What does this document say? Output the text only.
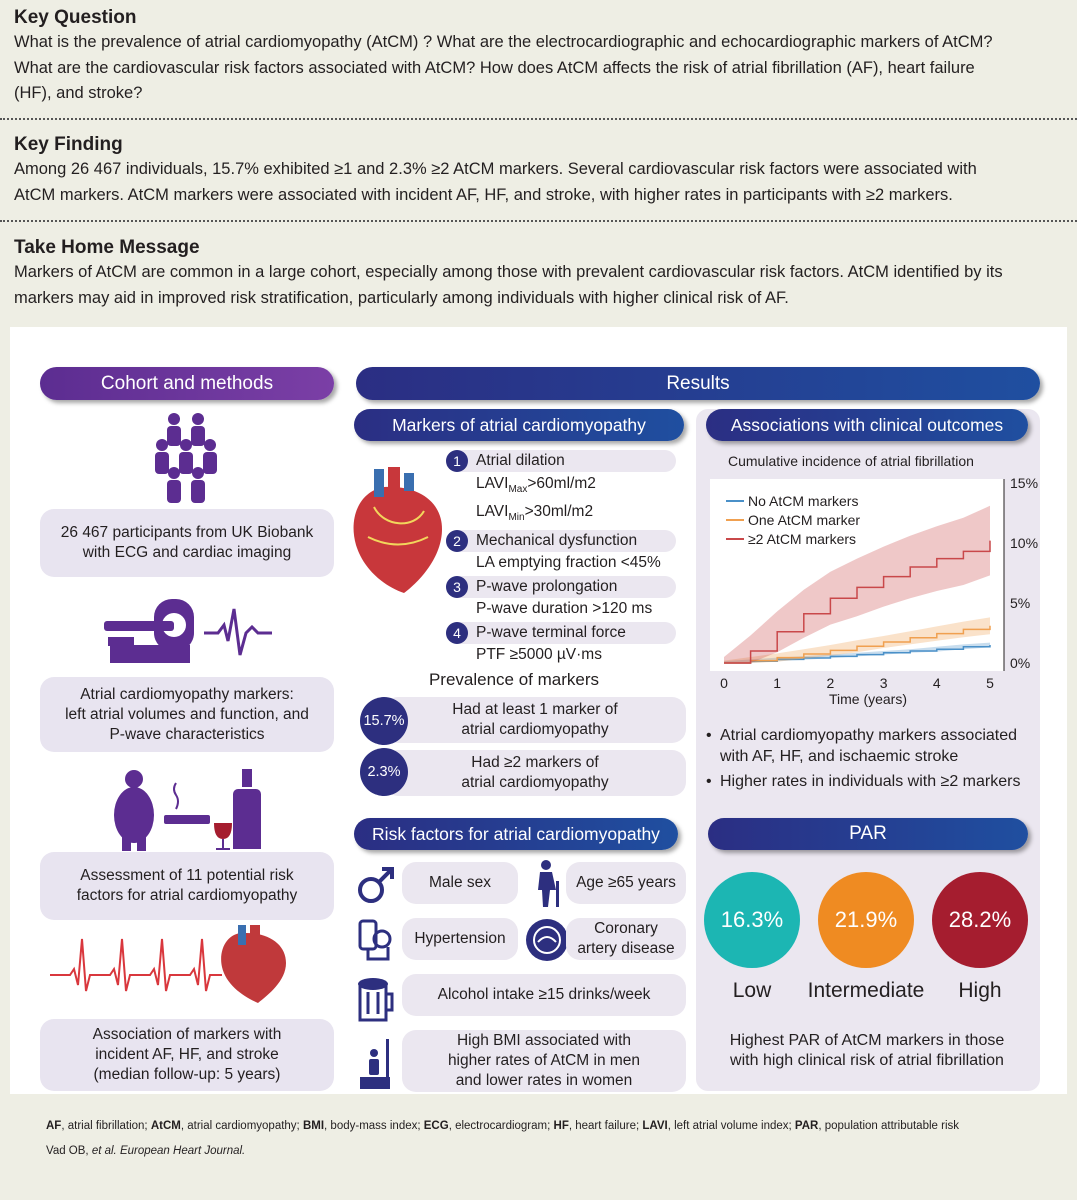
Key Question

What is the prevalence of atrial cardiomyopathy (AtCM) ? What are the electrocardiographic and echocardiographic markers of AtCM?

What are the cardiovascular risk factors associated with AtCM? How does AtCM affects the risk of atrial fibrillation (AF), heart failure

(HF), and stroke?

Key Finding

Among 26 467 individuals, 15.7% exhibited ≥1 and 2.3% ≥2 AtCM markers. Several cardiovascular risk factors were associated with

AtCM markers. AtCM markers were associated with incident AF, HF, and stroke, with higher rates in participants with ≥2 markers.

Take Home Message

Markers of AtCM are common in a large cohort, especially among those with prevalent cardiovascular risk factors. AtCM identified by its

markers may aid in improved risk stratification, particularly among individuals with higher clinical risk of AF.

Cohort and methods
26 467 participants from UK Biobank
with ECG and cardiac imaging
Atrial cardiomyopathy markers:
left atrial volumes and function, and
P-wave characteristics
Assessment of 11 potential risk
factors for atrial cardiomyopathy
Association of markers with
incident AF, HF, and stroke
(median follow-up: 5 years)
Results
Markers of atrial cardiomyopathy
1 Atrial dilation
$LAVI_{Max}>60ml/m2$
$LAVI_{Min}>30ml/m2$
2 Mechanical dysfunction
LA emptying fraction <45%
3 P-wave prolongation
P-wave duration >120 ms
4 P-wave terminal force
PTF ≥5000 µV·ms
Prevalence of markers
Had at least 1 marker of
atrial cardiomyopathy
15.7%
Had ≥2 markers of
atrial cardiomyopathy
2.3%
Risk factors for atrial cardiomyopathy
Male sex	Age ≥65 years
Hypertension
Coronary
artery disease
Alcohol intake ≥15 drinks/week
High BMI associated with
higher rates of AtCM in men
and lower rates in women
Associations with clinical outcomes
Cumulative incidence of atrial fibrillation
No AtCM markers
One AtCM marker
≥2 AtCM markers
0	1	2	3	4	5
0%
5%
10%
15%
Time (years)
• Atrial cardiomyopathy markers associated
with AF, HF, and ischaemic stroke
• Higher rates in individuals with ≥2 markers
PAR
16.3%	21.9%	28.2%
Low	Intermediate	High
Highest PAR of AtCM markers in those
with high clinical risk of atrial fibrillation
AF, atrial fibrillation; AtCM, atrial cardiomyopathy; BMI, body-mass index; ECG, electrocardiogram; HF, heart failure; LAVI, left atrial volume index; PAR, population attributable risk
Vad OB, et al. European Heart Journal.
